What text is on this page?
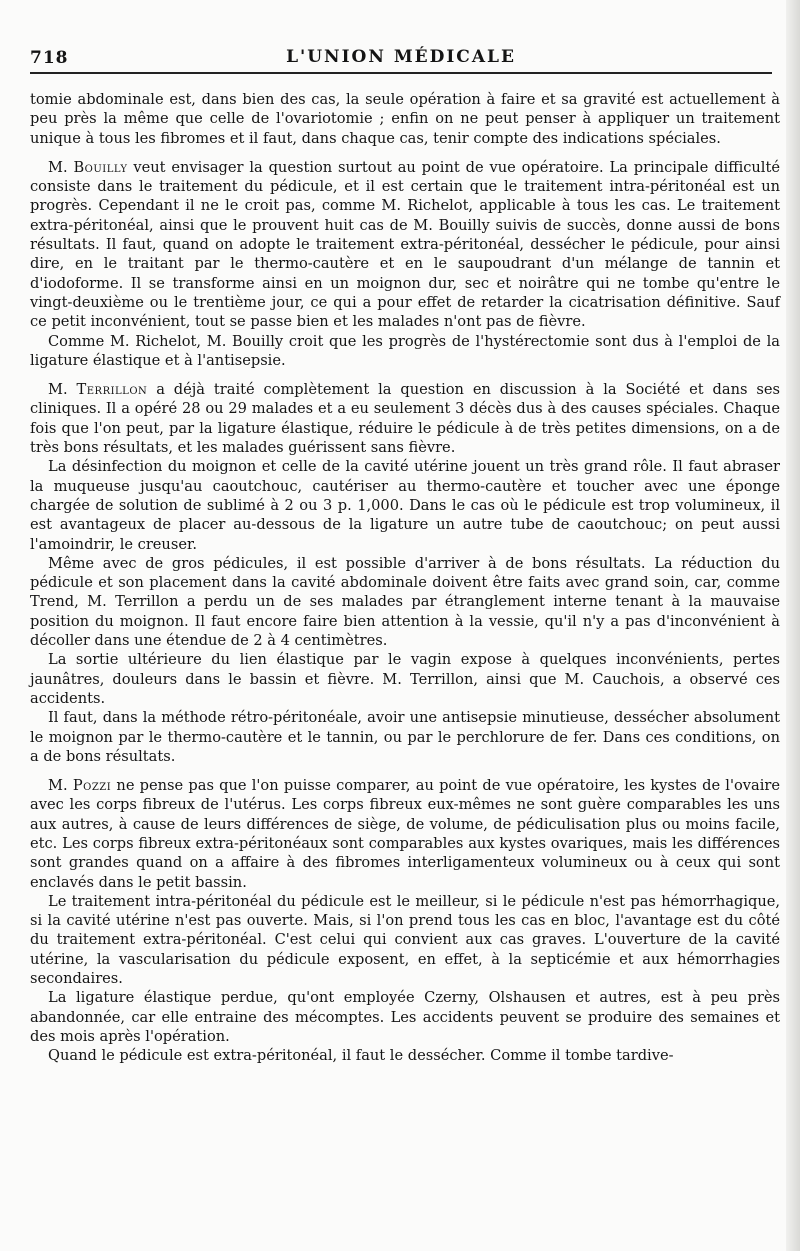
718	L'UNION MÉDICALE

tomie abdominale est, dans bien des cas, la seule opération à faire et sa gravité est actuellement à peu près la même que celle de l'ovariotomie ; enfin on ne peut penser à appliquer un traitement unique à tous les fibromes et il faut, dans chaque cas, tenir compte des indications spéciales.

M. Bouilly veut envisager la question surtout au point de vue opératoire. La principale difficulté consiste dans le traitement du pédicule, et il est certain que le traitement intra-péritonéal est un progrès. Cependant il ne le croit pas, comme M. Richelot, applicable à tous les cas. Le traitement extra-péritonéal, ainsi que le prouvent huit cas de M. Bouilly suivis de succès, donne aussi de bons résultats. Il faut, quand on adopte le traitement extra-péritonéal, dessécher le pédicule, pour ainsi dire, en le traitant par le thermo-cautère et en le saupoudrant d'un mélange de tannin et d'iodoforme. Il se transforme ainsi en un moignon dur, sec et noirâtre qui ne tombe qu'entre le vingt-deuxième ou le trentième jour, ce qui a pour effet de retarder la cicatrisation définitive. Sauf ce petit inconvénient, tout se passe bien et les malades n'ont pas de fièvre.

Comme M. Richelot, M. Bouilly croit que les progrès de l'hystérectomie sont dus à l'emploi de la ligature élastique et à l'antisepsie.

M. Terrillon a déjà traité complètement la question en discussion à la Société et dans ses cliniques. Il a opéré 28 ou 29 malades et a eu seulement 3 décès dus à des causes spéciales. Chaque fois que l'on peut, par la ligature élastique, réduire le pédicule à de très petites dimensions, on a de très bons résultats, et les malades guérissent sans fièvre.

La désinfection du moignon et celle de la cavité utérine jouent un très grand rôle. Il faut abraser la muqueuse jusqu'au caoutchouc, cautériser au thermo-cautère et toucher avec une éponge chargée de solution de sublimé à 2 ou 3 p. 1,000. Dans le cas où le pédicule est trop volumineux, il est avantageux de placer au-dessous de la ligature un autre tube de caoutchouc; on peut aussi l'amoindrir, le creuser.

Même avec de gros pédicules, il est possible d'arriver à de bons résultats. La réduction du pédicule et son placement dans la cavité abdominale doivent être faits avec grand soin, car, comme Trend, M. Terrillon a perdu un de ses malades par étranglement interne tenant à la mauvaise position du moignon. Il faut encore faire bien attention à la vessie, qu'il n'y a pas d'inconvénient à décoller dans une étendue de 2 à 4 centimètres.

La sortie ultérieure du lien élastique par le vagin expose à quelques inconvénients, pertes jaunâtres, douleurs dans le bassin et fièvre. M. Terrillon, ainsi que M. Cauchois, a observé ces accidents.

Il faut, dans la méthode rétro-péritonéale, avoir une antisepsie minutieuse, dessécher absolument le moignon par le thermo-cautère et le tannin, ou par le perchlorure de fer. Dans ces conditions, on a de bons résultats.

M. Pozzi ne pense pas que l'on puisse comparer, au point de vue opératoire, les kystes de l'ovaire avec les corps fibreux de l'utérus. Les corps fibreux eux-mêmes ne sont guère comparables les uns aux autres, à cause de leurs différences de siège, de volume, de pédiculisation plus ou moins facile, etc. Les corps fibreux extra-péritonéaux sont comparables aux kystes ovariques, mais les différences sont grandes quand on a affaire à des fibromes interligamenteux volumineux ou à ceux qui sont enclavés dans le petit bassin.

Le traitement intra-péritonéal du pédicule est le meilleur, si le pédicule n'est pas hémorrhagique, si la cavité utérine n'est pas ouverte. Mais, si l'on prend tous les cas en bloc, l'avantage est du côté du traitement extra-péritonéal. C'est celui qui convient aux cas graves. L'ouverture de la cavité utérine, la vascularisation du pédicule exposent, en effet, à la septicémie et aux hémorrhagies secondaires.

La ligature élastique perdue, qu'ont employée Czerny, Olshausen et autres, est à peu près abandonnée, car elle entraine des mécomptes. Les accidents peuvent se produire des semaines et des mois après l'opération.

Quand le pédicule est extra-péritonéal, il faut le dessécher. Comme il tombe tardive-
